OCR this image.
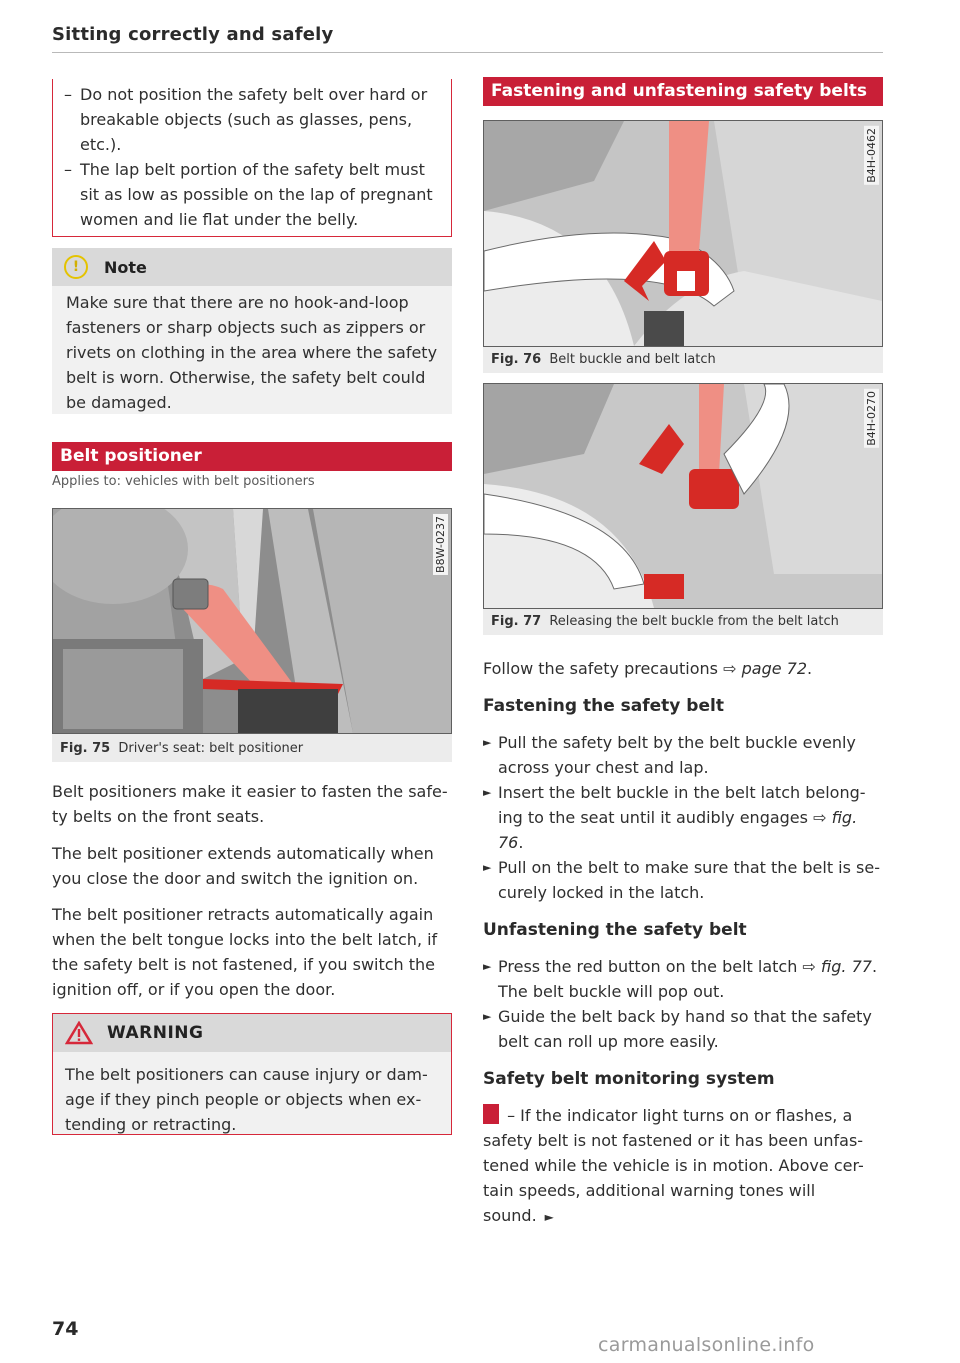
Sitting correctly and safely
– Do not position the safety belt over hard or breakable objects (such as glasses, pens, etc.).
– The lap belt portion of the safety belt must sit as low as possible on the lap of pregnant women and lie flat under the belly.
!	Note
Make sure that there are no hook-and-loop fasteners or sharp objects such as zippers or rivets on clothing in the area where the safety belt is worn. Otherwise, the safety belt could be damaged.
Belt positioner
Applies to: vehicles with belt positioners
B8W-0237
Fig. 75 Driver's seat: belt positioner
Belt positioners make it easier to fasten the safe-ty belts on the front seats.
The belt positioner extends automatically when you close the door and switch the ignition on.
The belt positioner retracts automatically again when the belt tongue locks into the belt latch, if the safety belt is not fastened, if you switch the ignition off, or if you open the door.
WARNING
The belt positioners can cause injury or dam-age if they pinch people or objects when ex-tending or retracting.
Fastening and unfastening safety belts
B4H-0462
Fig. 76 Belt buckle and belt latch
B4H-0270
Fig. 77 Releasing the belt buckle from the belt latch
Follow the safety precautions ⇨ page 72.
Fastening the safety belt
► Pull the safety belt by the belt buckle evenly across your chest and lap.
► Insert the belt buckle in the belt latch belong-ing to the seat until it audibly engages ⇨ fig. 76.
► Pull on the belt to make sure that the belt is se-curely locked in the latch.
Unfastening the safety belt
► Press the red button on the belt latch ⇨ fig. 77. The belt buckle will pop out.
► Guide the belt back by hand so that the safety belt can roll up more easily.
Safety belt monitoring system
– If the indicator light turns on or flashes, a safety belt is not fastened or it has been unfas-tened while the vehicle is in motion. Above cer-tain speeds, additional warning tones will sound. ►
74
carmanualsonline.info
